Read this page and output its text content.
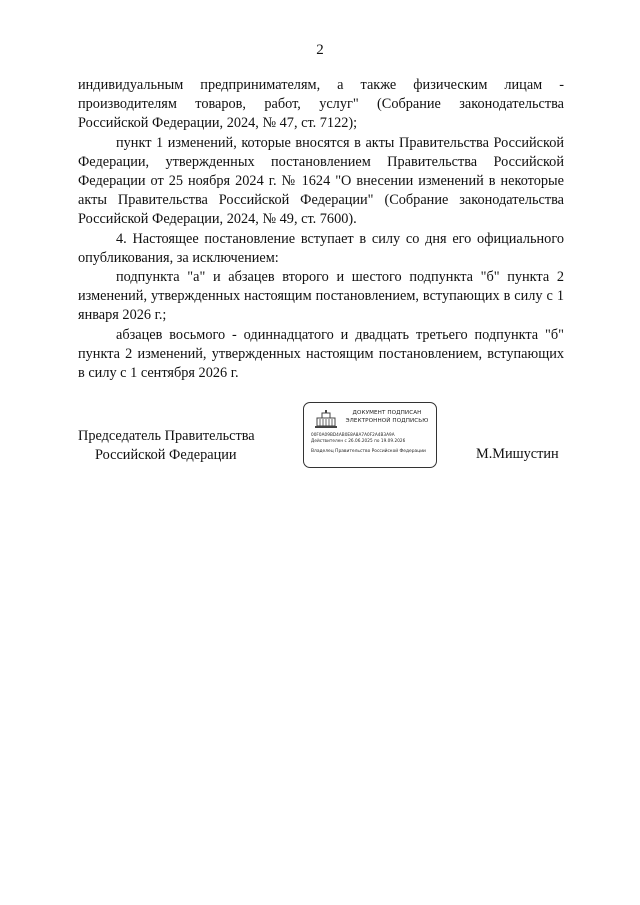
2

индивидуальным предпринимателям, а также физическим лицам - производителям товаров, работ, услуг" (Собрание законодательства Российской Федерации, 2024, № 47, ст. 7122);

пункт 1 изменений, которые вносятся в акты Правительства Российской Федерации, утвержденных постановлением Правительства Российской Федерации от 25 ноября 2024 г. № 1624 "О внесении изменений в некоторые акты Правительства Российской Федерации" (Собрание законодательства Российской Федерации, 2024, № 49, ст. 7600).

4. Настоящее постановление вступает в силу со дня его официального опубликования, за исключением:

подпункта "а" и абзацев второго и шестого подпункта "б" пункта 2 изменений, утвержденных настоящим постановлением, вступающих в силу с 1 января 2026 г.;

абзацев восьмого - одиннадцатого и двадцать третьего подпункта "б" пункта 2 изменений, утвержденных настоящим постановлением, вступающих в силу с 1 сентября 2026 г.

Председатель Правительства
Российской Федерации
ДОКУМЕНТ ПОДПИСАН
ЭЛЕКТРОННОЙ ПОДПИСЬЮ
00F0A09BD4AB0E8A8A7A0F2A4B3A9A
Действителен с 26.06.2025 по 19.09.2026
Владелец Правительство Российской Федерации	М.Мишустин
